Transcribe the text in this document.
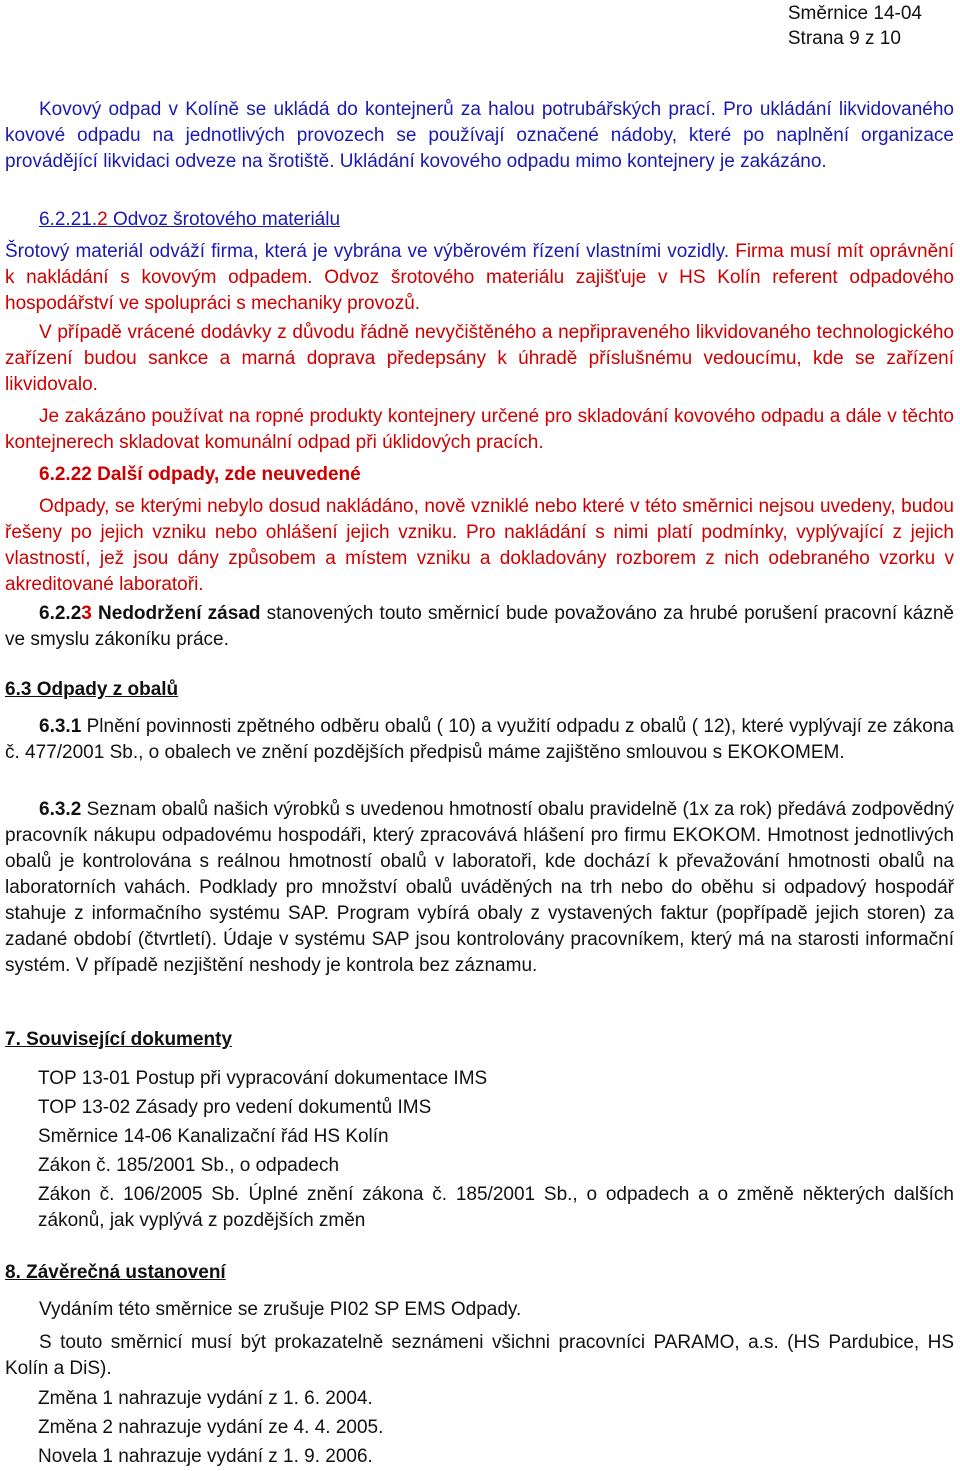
Směrnice 14-04
Strana 9 z 10

Kovový odpad v Kolíně se ukládá do kontejnerů za halou potrubářských prací. Pro ukládání likvidovaného kovové odpadu na jednotlivých provozech se používají označené nádoby, které po naplnění organizace provádějící likvidaci odveze na šrotiště. Ukládání kovového odpadu mimo kontejnery je zakázáno.

6.2.21.2 Odvoz šrotového materiálu

Šrotový materiál odváží firma, která je vybrána ve výběrovém řízení vlastními vozidly. Firma musí mít oprávnění k nakládání s kovovým odpadem. Odvoz šrotového materiálu zajišťuje v HS Kolín referent odpadového hospodářství ve spolupráci s mechaniky provozů.

V případě vrácené dodávky z důvodu řádně nevyčištěného a nepřipraveného likvidovaného technologického zařízení budou sankce a marná doprava předepsány k úhradě příslušnému vedoucímu, kde se zařízení likvidovalo.

Je zakázáno používat na ropné produkty kontejnery určené pro skladování kovového odpadu a dále v těchto kontejnerech skladovat komunální odpad při úklidových pracích.

6.2.22 Další odpady, zde neuvedené

Odpady, se kterými nebylo dosud nakládáno, nově vzniklé nebo které v této směrnici nejsou uvedeny, budou řešeny po jejich vzniku nebo ohlášení jejich vzniku. Pro nakládání s nimi platí podmínky, vyplývající z jejich vlastností, jež jsou dány způsobem a místem vzniku a dokladovány rozborem z nich odebraného vzorku v akreditované laboratoři.

6.2.23 Nedodržení zásad stanovených touto směrnicí bude považováno za hrubé porušení pracovní kázně ve smyslu zákoníku práce.

6.3 Odpady z obalů

6.3.1 Plnění povinnosti zpětného odběru obalů ( 10) a využití odpadu z obalů ( 12), které vyplývají ze zákona č. 477/2001 Sb., o obalech ve znění pozdějších předpisů máme zajištěno smlouvou s EKOKOMEM.

6.3.2 Seznam obalů našich výrobků s uvedenou hmotností obalu pravidelně (1x za rok) předává zodpovědný pracovník nákupu odpadovému hospodáři, který zpracovává hlášení pro firmu EKOKOM. Hmotnost jednotlivých obalů je kontrolována s reálnou hmotností obalů v laboratoři, kde dochází k převažování hmotnosti obalů na laboratorních vahách. Podklady pro množství obalů uváděných na trh nebo do oběhu si odpadový hospodář stahuje z informačního systému SAP. Program vybírá obaly z vystavených faktur (popřípadě jejich storen) za zadané období (čtvrtletí). Údaje v systému SAP jsou kontrolovány pracovníkem, který má na starosti informační systém. V případě nezjištění neshody je kontrola bez záznamu.

7. Související dokumenty

TOP 13-01 Postup při vypracování dokumentace IMS
TOP 13-02 Zásady pro vedení dokumentů IMS
Směrnice 14-06 Kanalizační řád HS Kolín
Zákon č. 185/2001 Sb., o odpadech
Zákon č. 106/2005 Sb. Úplné znění zákona č. 185/2001 Sb., o odpadech a o změně některých dalších zákonů, jak vyplývá z pozdějších změn

8. Závěrečná ustanovení

Vydáním této směrnice se zrušuje PI02 SP EMS Odpady.

S touto směrnicí musí být prokazatelně seznámeni všichni pracovníci PARAMO, a.s. (HS Pardubice, HS Kolín a DiS).

Změna 1 nahrazuje vydání z 1. 6. 2004.
Změna 2 nahrazuje vydání ze 4. 4. 2005.
Novela 1 nahrazuje vydání z 1. 9. 2006.
